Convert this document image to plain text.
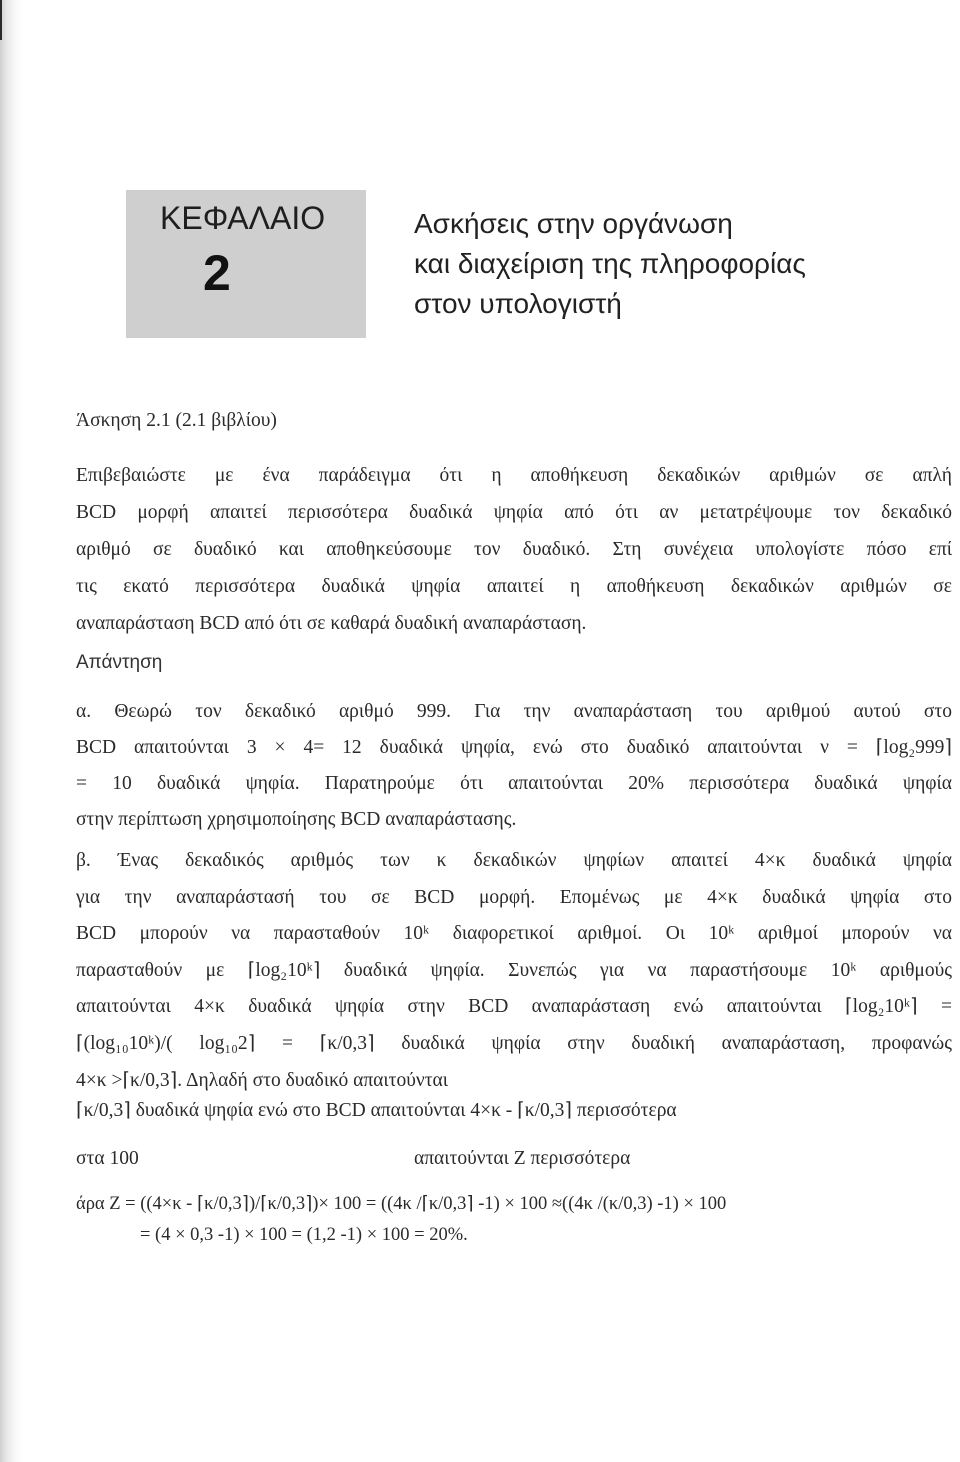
ΚΕΦΑΛΑΙΟ
2
Ασκήσεις στην οργάνωση
και διαχείριση της πληροφορίας
στον υπολογιστή
Άσκηση 2.1 (2.1 βιβλίου)

Επιβεβαιώστε με ένα παράδειγμα ότι η αποθήκευση δεκαδικών αριθμών σε απλή

BCD μορφή απαιτεί περισσότερα δυαδικά ψηφία από ότι αν μετατρέψουμε τον δεκαδικό

αριθμό σε δυαδικό και αποθηκεύσουμε τον δυαδικό. Στη συνέχεια υπολογίστε πόσο επί

τις εκατό περισσότερα δυαδικά ψηφία απαιτεί η αποθήκευση δεκαδικών αριθμών σε

αναπαράσταση BCD από ότι σε καθαρά δυαδική αναπαράσταση.

Απάντηση

α. Θεωρώ τον δεκαδικό αριθμό 999. Για την αναπαράσταση του αριθμού αυτού στο

BCD απαιτούνται 3 × 4= 12 δυαδικά ψηφία, ενώ στο δυαδικό απαιτούνται ν = ⌈log₂999⌉

= 10 δυαδικά ψηφία. Παρατηρούμε ότι απαιτούνται 20% περισσότερα δυαδικά ψηφία

στην περίπτωση χρησιμοποίησης BCD αναπαράστασης.

β. Ένας δεκαδικός αριθμός των κ δεκαδικών ψηφίων απαιτεί 4×κ δυαδικά ψηφία

για την αναπαράστασή του σε BCD μορφή. Επομένως με 4×κ δυαδικά ψηφία στο

BCD μπορούν να παρασταθούν 10ᵏ διαφορετικοί αριθμοί. Οι 10ᵏ αριθμοί μπορούν να

παρασταθούν με ⌈log₂10ᵏ⌉ δυαδικά ψηφία. Συνεπώς για να παραστήσουμε 10ᵏ αριθμούς

απαιτούνται 4×κ δυαδικά ψηφία στην BCD αναπαράσταση ενώ απαιτούνται ⌈log₂10ᵏ⌉ =

⌈(log₁₀10ᵏ)/( log₁₀2⌉ = ⌈κ/0,3⌉ δυαδικά ψηφία στην δυαδική αναπαράσταση, προφανώς

4×κ >⌈κ/0,3⌉. Δηλαδή στο δυαδικό απαιτούνται

⌈κ/0,3⌉ δυαδικά ψηφία ενώ στο BCD απαιτούνται 4×κ - ⌈κ/0,3⌉ περισσότερα
στα 100	απαιτούνται Ζ περισσότερα
άρα Ζ = ((4×κ - ⌈κ/0,3⌉)/⌈κ/0,3⌉)× 100 = ((4κ /⌈κ/0,3⌉ -1) × 100 ≈((4κ /(κ/0,3) -1) × 100
= (4 × 0,3 -1) × 100 = (1,2 -1) × 100 = 20%.
